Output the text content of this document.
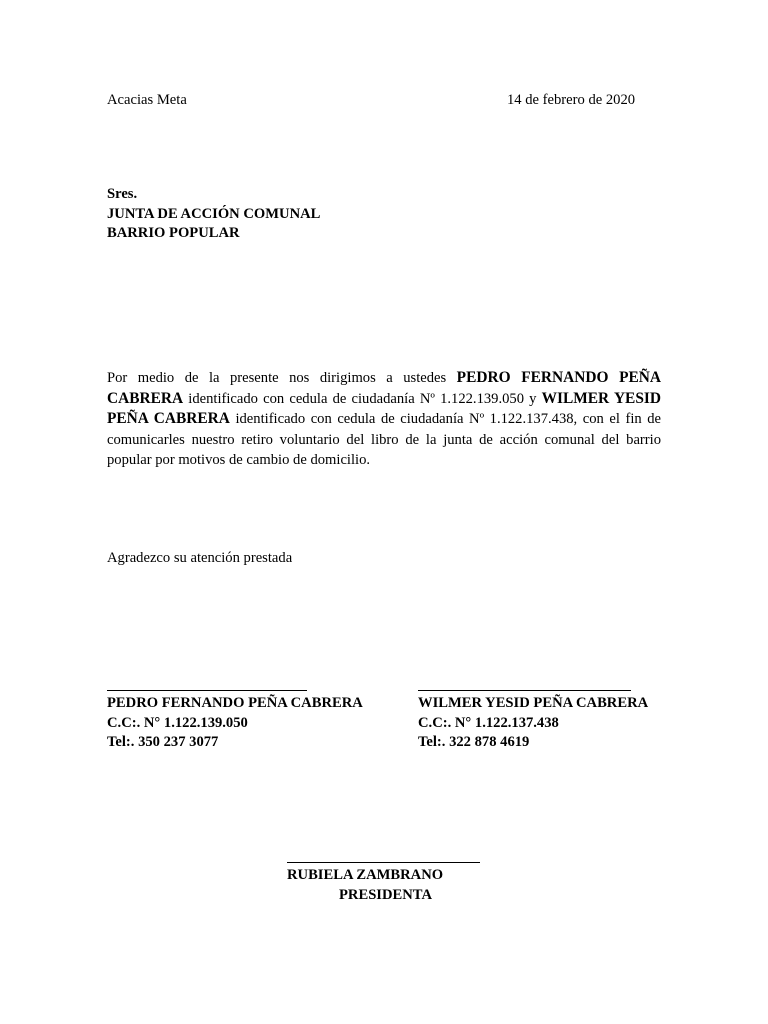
Acacias Meta	14 de febrero de 2020
Sres.
JUNTA DE ACCIÓN COMUNAL
BARRIO POPULAR
Por medio de la presente nos dirigimos a ustedes PEDRO FERNANDO PEÑA CABRERA identificado con cedula de ciudadanía Nº 1.122.139.050 y WILMER YESID PEÑA CABRERA identificado con cedula de ciudadanía Nº 1.122.137.438, con el fin de comunicarles nuestro retiro voluntario del libro de la junta de acción comunal del barrio popular por motivos de cambio de domicilio.
Agradezco su atención prestada
PEDRO FERNANDO PEÑA CABRERA
C.C:. N° 1.122.139.050
Tel:. 350 237 3077
WILMER YESID PEÑA CABRERA
C.C:. N° 1.122.137.438
Tel:. 322 878 4619
RUBIELA ZAMBRANO
PRESIDENTA
